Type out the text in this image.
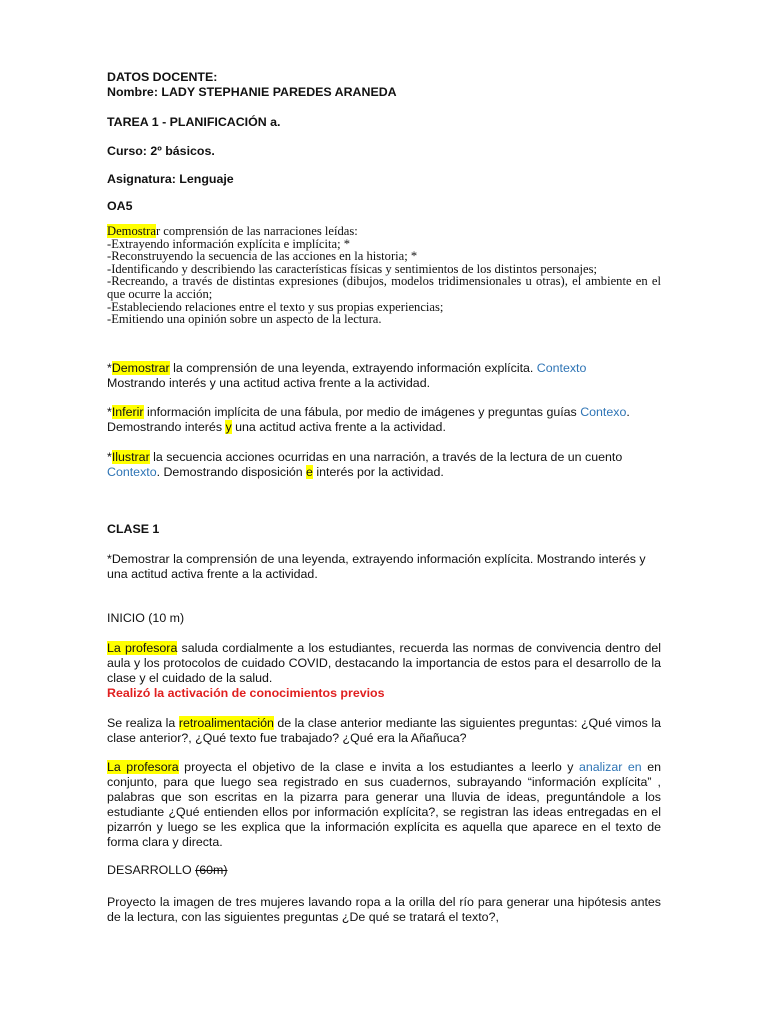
DATOS DOCENTE:
Nombre: LADY STEPHANIE PAREDES ARANEDA
TAREA 1 - PLANIFICACIÓN a.
Curso: 2º básicos.
Asignatura: Lenguaje
OA5
Demostrar comprensión de las narraciones leídas:
-Extrayendo información explícita e implícita; *
-Reconstruyendo la secuencia de las acciones en la historia; *
-Identificando y describiendo las características físicas y sentimientos de los distintos personajes;
-Recreando, a través de distintas expresiones (dibujos, modelos tridimensionales u otras), el ambiente en el que ocurre la acción;
-Estableciendo relaciones entre el texto y sus propias experiencias;
-Emitiendo una opinión sobre un aspecto de la lectura.
*Demostrar la comprensión de una leyenda, extrayendo información explícita. Contexto
Mostrando interés y una actitud activa frente a la actividad.
*Inferir información implícita de una fábula, por medio de imágenes y preguntas guías Contexo. Demostrando interés y una actitud activa frente a la actividad.
*Ilustrar la secuencia acciones ocurridas en una narración, a través de la lectura de un cuento Contexto. Demostrando disposición e interés por la actividad.
CLASE 1
*Demostrar la comprensión de una leyenda, extrayendo información explícita. Mostrando interés y una actitud activa frente a la actividad.
INICIO (10 m)
La profesora saluda cordialmente a los estudiantes, recuerda las normas de convivencia dentro del aula y los protocolos de cuidado COVID, destacando la importancia de estos para el desarrollo de la clase y el cuidado de la salud.
Realizó la activación de conocimientos previos
Se realiza la retroalimentación de la clase anterior mediante las siguientes preguntas: ¿Qué vimos la clase anterior?, ¿Qué texto fue trabajado? ¿Qué era la Añañuca?
La profesora proyecta el objetivo de la clase e invita a los estudiantes a leerlo y analizar en en conjunto, para que luego sea registrado en sus cuadernos, subrayando “información explícita” , palabras que son escritas en la pizarra para generar una lluvia de ideas, preguntándole a los estudiante ¿Qué entienden ellos por información explícita?, se registran las ideas entregadas en el pizarrón y luego se les explica que la información explícita es aquella que aparece en el texto de forma clara y directa.
DESARROLLO (60m)
Proyecto la imagen de tres mujeres lavando ropa a la orilla del río para generar una hipótesis antes de la lectura, con las siguientes preguntas ¿De qué se tratará el texto?,
